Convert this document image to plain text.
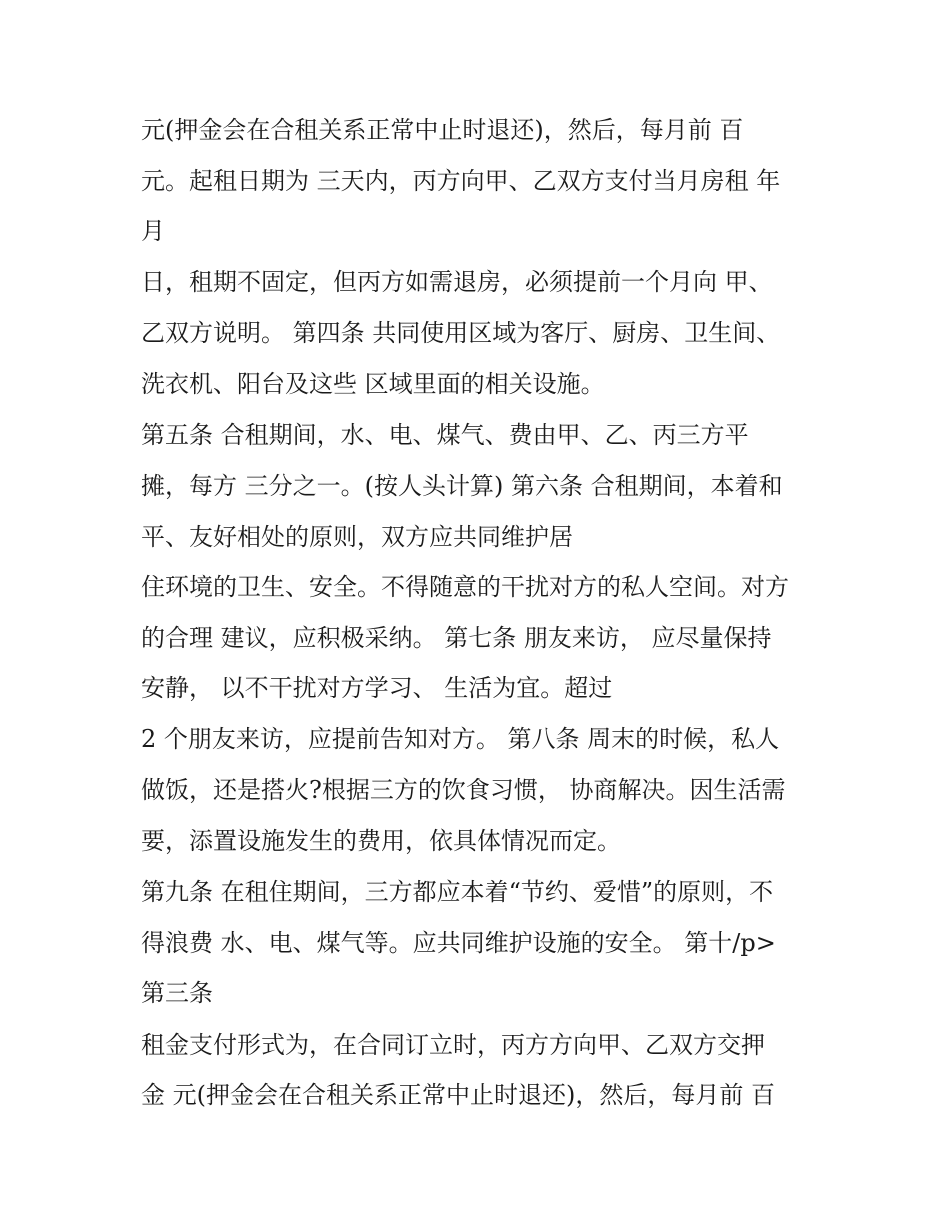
元(押金会在合租关系正常中止时退还)，然后，每月前 百
元。起租日期为 三天内，丙方向甲、乙双方支付当月房租 年
月
日，租期不固定，但丙方如需退房，必须提前一个月向 甲、
乙双方说明。 第四条 共同使用区域为客厅、厨房、卫生间、
洗衣机、阳台及这些 区域里面的相关设施。
第五条 合租期间，水、电、煤气、费由甲、乙、丙三方平
摊，每方 三分之一。(按人头计算) 第六条 合租期间，本着和
平、友好相处的原则，双方应共同维护居
住环境的卫生、安全。不得随意的干扰对方的私人空间。对方
的合理 建议，应积极采纳。 第七条 朋友来访， 应尽量保持
安静， 以不干扰对方学习、 生活为宜。超过
2 个朋友来访，应提前告知对方。 第八条 周末的时候，私人
做饭，还是搭火?根据三方的饮食习惯， 协商解决。因生活需
要，添置设施发生的费用，依具体情况而定。
第九条 在租住期间，三方都应本着“节约、爱惜”的原则，不
得浪费 水、电、煤气等。应共同维护设施的安全。 第十/p>
第三条
租金支付形式为，在合同订立时，丙方方向甲、乙双方交押
金 元(押金会在合租关系正常中止时退还)，然后，每月前 百
